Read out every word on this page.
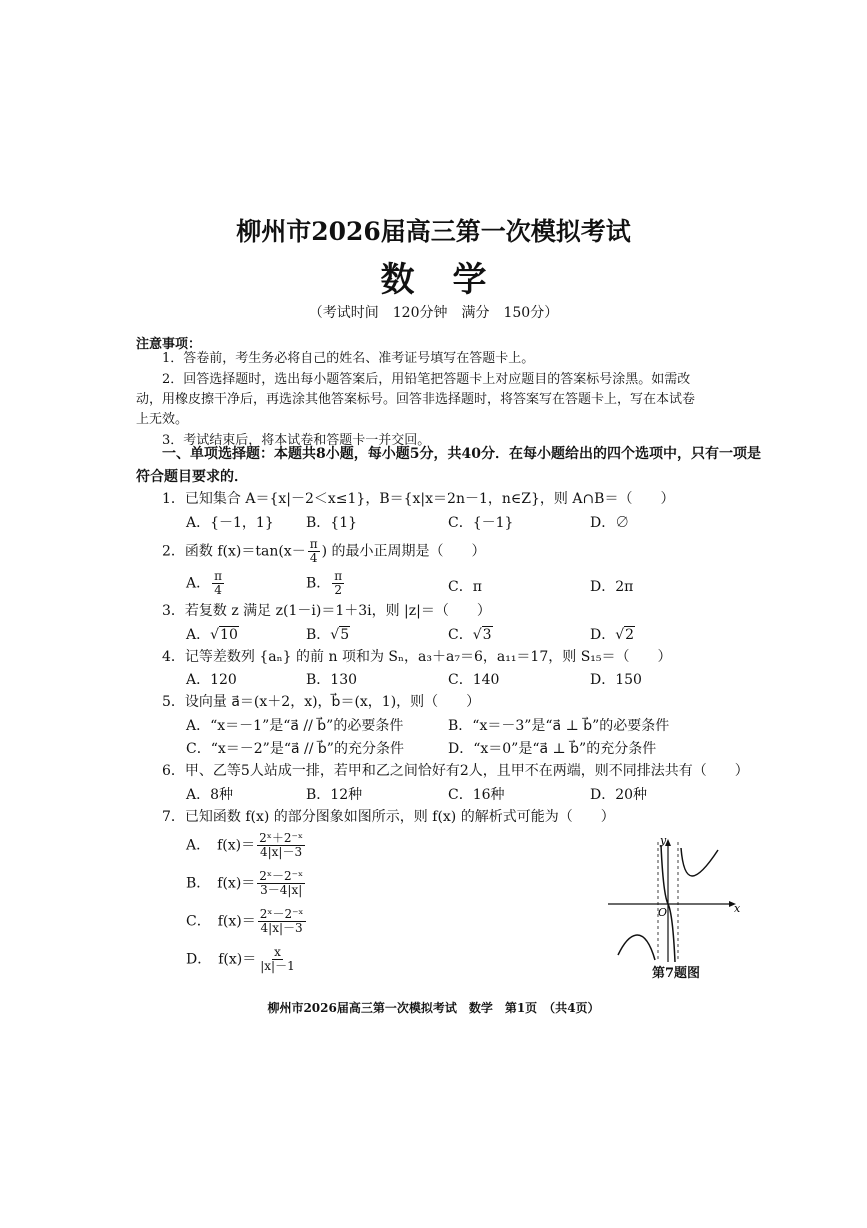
柳州市2026届高三第一次模拟考试
数学
（考试时间　120分钟　满分　150分）
注意事项：
1．答卷前，考生务必将自己的姓名、准考证号填写在答题卡上。
2．回答选择题时，选出每小题答案后，用铅笔把答题卡上对应题目的答案标号涂黑。如需改
动，用橡皮擦干净后，再选涂其他答案标号。回答非选择题时，将答案写在答题卡上，写在本试卷
上无效。
3．考试结束后，将本试卷和答题卡一并交回。
一、单项选择题：本题共8小题，每小题5分，共40分．在每小题给出的四个选项中，只有一项是
符合题目要求的．
1．已知集合 A＝{x|－2＜x≤1}，B＝{x|x＝2n－1，n∈Z}，则 A∩B＝（　　）
A．{－1，1} B．{1}	C．{－1}	D．∅
2．函数 $f(x)=\tan(x- \frac{\pi}{4}$ ) 的最小正周期是（　　）
A． $\frac{\pi}{4}$	B． $\frac{\pi}{2}$	C．π	D．2π
3．若复数 z 满足 z(1－i)＝1＋3i，则 |z|＝（　　）
A．√10	B．√5	C．√3	D．√2
4．记等差数列 {aₙ} 的前 n 项和为 Sₙ，a₃＋a₇＝6，a₁₁＝17，则 S₁₅＝（　　）
A．120	B．130	C．140	D．150
5．设向量 a⃗＝(x＋2，x)，b⃗＝(x，1)，则（　　）
A．“x＝－1”是“a⃗ // b⃗”的必要条件	B．“x＝－3”是“a⃗ ⊥ b⃗”的必要条件
C．“x＝－2”是“a⃗ // b⃗”的充分条件	D．“x＝0”是“a⃗ ⊥ b⃗”的充分条件
6．甲、乙等5人站成一排，若甲和乙之间恰好有2人，且甲不在两端，则不同排法共有（　　）
A．8种	B．12种	C．16种	D．20种
7．已知函数 f(x) 的部分图象如图所示，则 f(x) 的解析式可能为（　　）
A．　$f(x)= \frac{\text{2ˣ＋2⁻ˣ}}{4|x|-3}$
B．　$f(x)= \frac{\text{2ˣ－2⁻ˣ}}{3-4|x|}$
C．　$f(x)= \frac{\text{2ˣ－2⁻ˣ}}{4|x|-3}$
D．　$f(x)= \frac{x}{|x|-1}$
x
y
O
第7题图
柳州市2026届高三第一次模拟考试　数学　第1页　（共4页）
